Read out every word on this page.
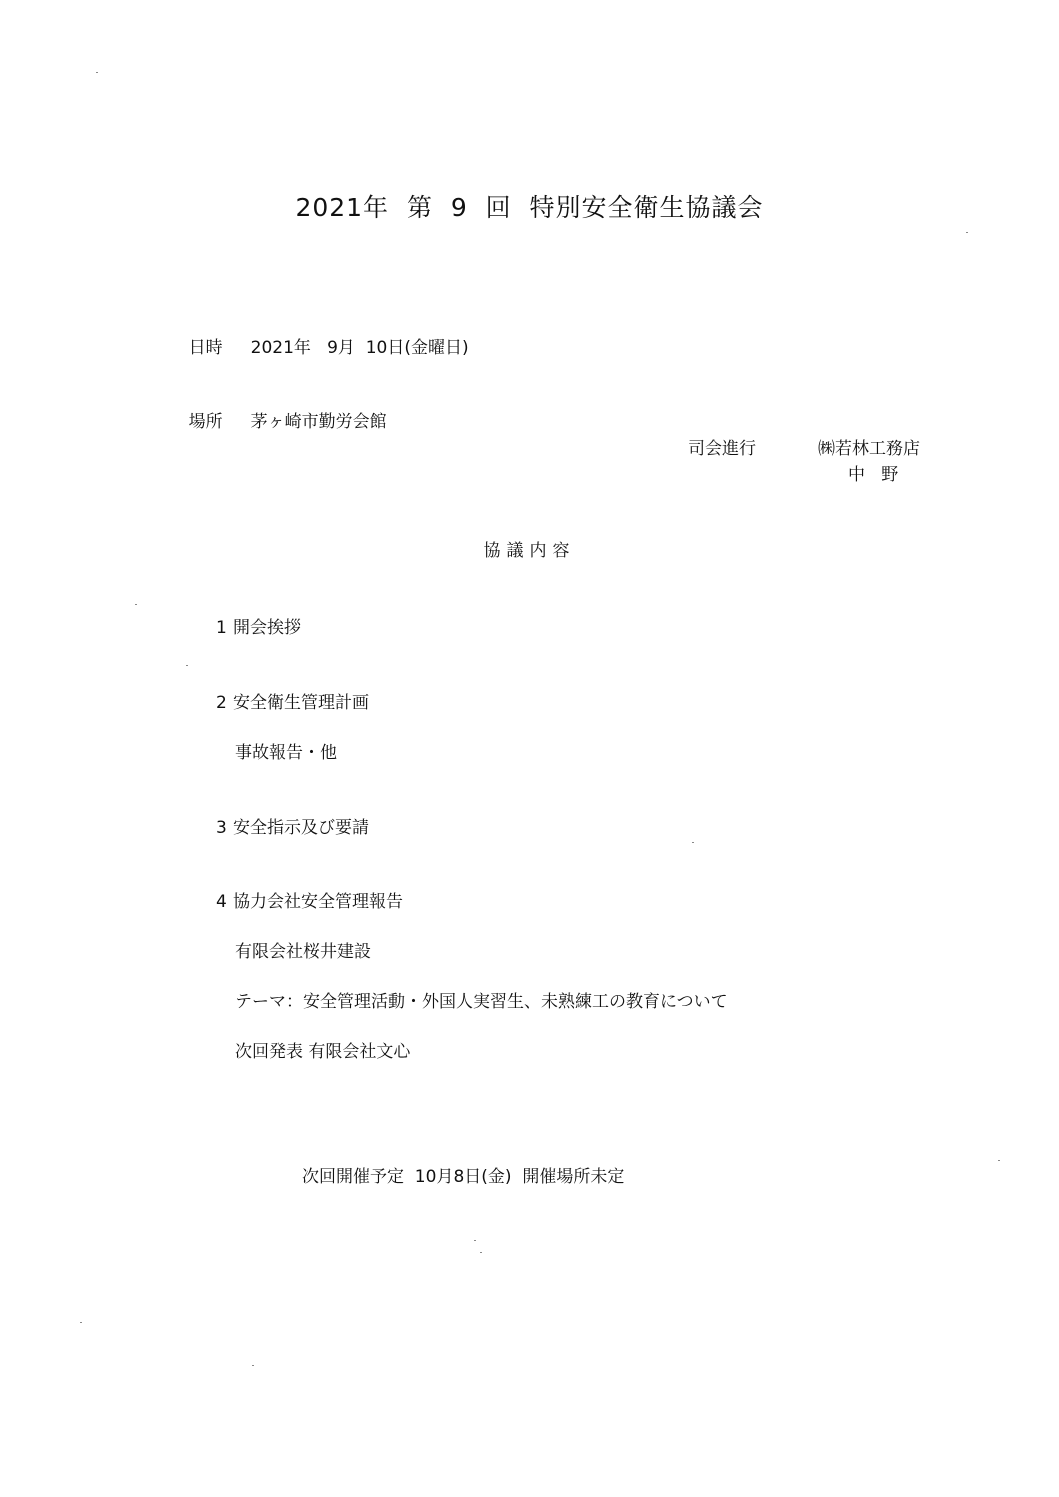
2021年  第  9  回  特別安全衛生協議会

日時 2021年   9月  10日(金曜日)

場所 茅ヶ崎市勤労会館

司会進行	㈱若林工務店
中   野
協議内容
1 開会挨拶
2 安全衛生管理計画
事故報告・他
3 安全指示及び要請
4 協力会社安全管理報告
有限会社桜井建設
テーマ：安全管理活動・外国人実習生、未熟練工の教育について
次回発表 有限会社文心
次回開催予定  10月8日(金)  開催場所未定
